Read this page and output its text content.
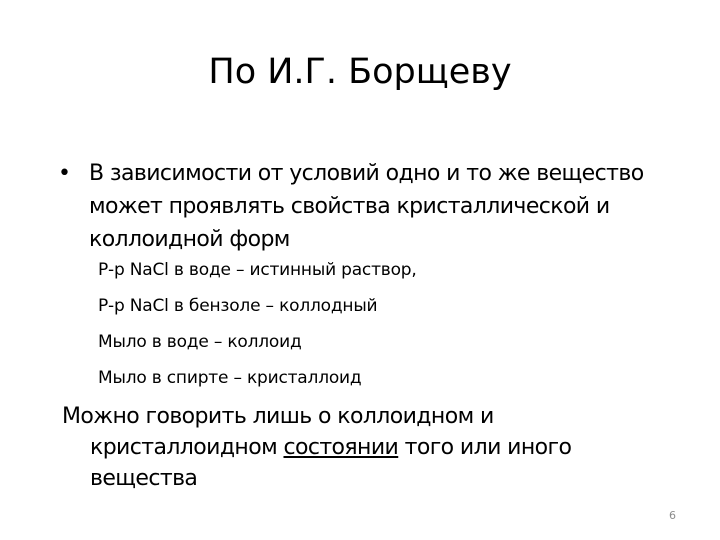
По И.Г. Борщеву
• В зависимости от условий одно и то же вещество может проявлять свойства кристаллической и коллоидной форм
Р-р NaCl в воде – истинный раствор,
Р-р NaCl в бензоле – коллодный
Мыло в воде – коллоид
Мыло в спирте – кристаллоид
Можно говорить лишь о коллоидном и
кристаллоидном состоянии того или иного
вещества
6
